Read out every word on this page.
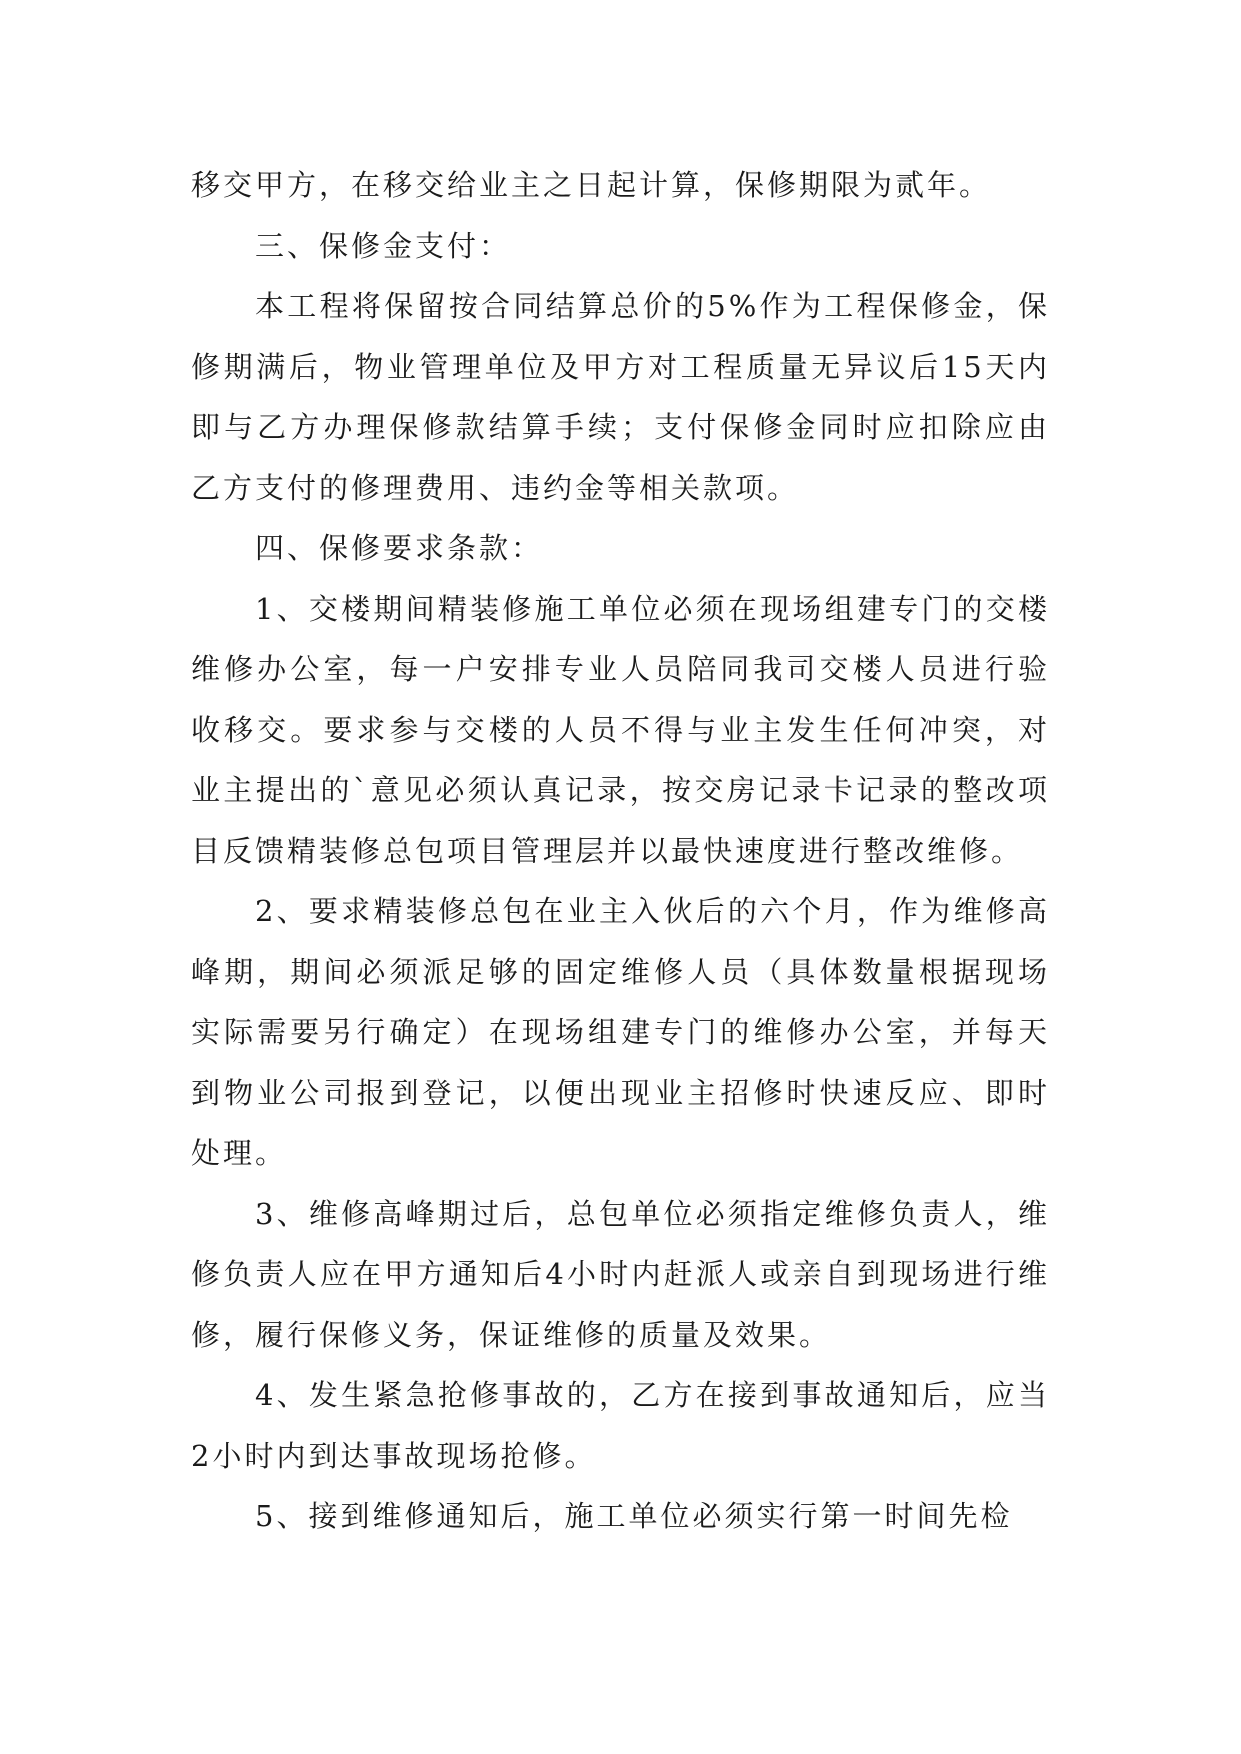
移交甲方，在移交给业主之日起计算，保修期限为贰年。

三、保修金支付：

本工程将保留按合同结算总价的5%作为工程保修金，保修期满后，物业管理单位及甲方对工程质量无异议后15天内即与乙方办理保修款结算手续；支付保修金同时应扣除应由乙方支付的修理费用、违约金等相关款项。

四、保修要求条款：

1、交楼期间精装修施工单位必须在现场组建专门的交楼维修办公室，每一户安排专业人员陪同我司交楼人员进行验收移交。要求参与交楼的人员不得与业主发生任何冲突，对业主提出的`意见必须认真记录，按交房记录卡记录的整改项目反馈精装修总包项目管理层并以最快速度进行整改维修。

2、要求精装修总包在业主入伙后的六个月，作为维修高峰期，期间必须派足够的固定维修人员（具体数量根据现场实际需要另行确定）在现场组建专门的维修办公室，并每天到物业公司报到登记，以便出现业主招修时快速反应、即时处理。

3、维修高峰期过后，总包单位必须指定维修负责人，维修负责人应在甲方通知后4小时内赶派人或亲自到现场进行维修，履行保修义务，保证维修的质量及效果。

4、发生紧急抢修事故的，乙方在接到事故通知后，应当2小时内到达事故现场抢修。

5、接到维修通知后，施工单位必须实行第一时间先检
